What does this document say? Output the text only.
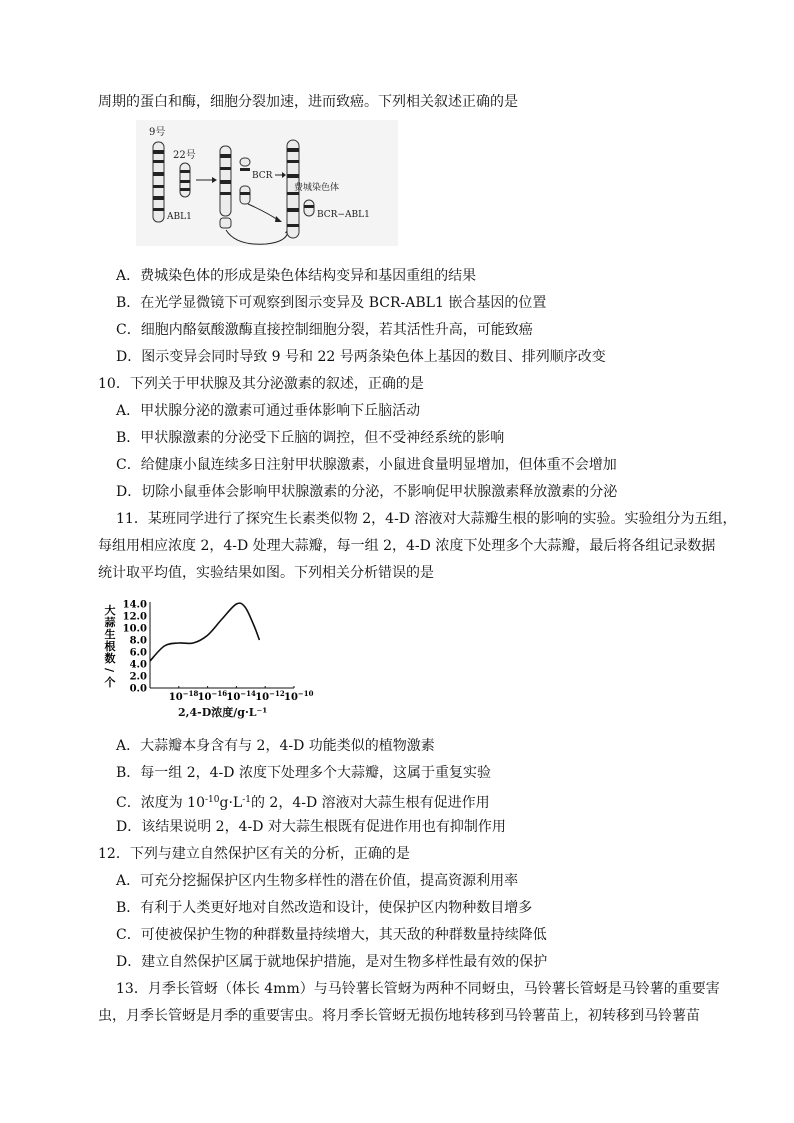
周期的蛋白和酶，细胞分裂加速，进而致癌。下列相关叙述正确的是
9号
ABL1
22号
BCR
费城染色体
BCR−ABL1
A．费城染色体的形成是染色体结构变异和基因重组的结果
B．在光学显微镜下可观察到图示变异及 BCR-ABL1 嵌合基因的位置
C．细胞内酪氨酸激酶直接控制细胞分裂，若其活性升高，可能致癌
D．图示变异会同时导致 9 号和 22 号两条染色体上基因的数目、排列顺序改变
10．下列关于甲状腺及其分泌激素的叙述，正确的是
A．甲状腺分泌的激素可通过垂体影响下丘脑活动
B．甲状腺激素的分泌受下丘脑的调控，但不受神经系统的影响
C．给健康小鼠连续多日注射甲状腺激素，小鼠进食量明显增加，但体重不会增加
D．切除小鼠垂体会影响甲状腺激素的分泌，不影响促甲状腺激素释放激素的分泌
11．某班同学进行了探究生长素类似物 2，4-D 溶液对大蒜瓣生根的影响的实验。实验组分为五组，
每组用相应浓度 2，4-D 处理大蒜瓣，每一组 2，4-D 浓度下处理多个大蒜瓣，最后将各组记录数据
统计取平均值，实验结果如图。下列相关分析错误的是
大
蒜
生
根
数
/
个 0.0
2.0
4.0
6.0
8.0
10.0
12.0
14.0
$10^{-18}$ $10^{-16}$ $10^{-14}$ $10^{-12}$ $10^{-10}$
2,4-D浓度/g·L⁻¹
A．大蒜瓣本身含有与 2，4-D 功能类似的植物激素
B．每一组 2，4-D 浓度下处理多个大蒜瓣，这属于重复实验
C．浓度为 $10^{-10}g\cdot L^{-1}$的 2，4-D 溶液对大蒜生根有促进作用
D．该结果说明 2，4-D 对大蒜生根既有促进作用也有抑制作用
12．下列与建立自然保护区有关的分析，正确的是
A．可充分挖掘保护区内生物多样性的潜在价值，提高资源利用率
B．有利于人类更好地对自然改造和设计，使保护区内物种数目增多
C．可使被保护生物的种群数量持续增大，其天敌的种群数量持续降低
D．建立自然保护区属于就地保护措施，是对生物多样性最有效的保护
13．月季长管蚜（体长 4mm）与马铃薯长管蚜为两种不同蚜虫，马铃薯长管蚜是马铃薯的重要害
虫，月季长管蚜是月季的重要害虫。将月季长管蚜无损伤地转移到马铃薯苗上，初转移到马铃薯苗
